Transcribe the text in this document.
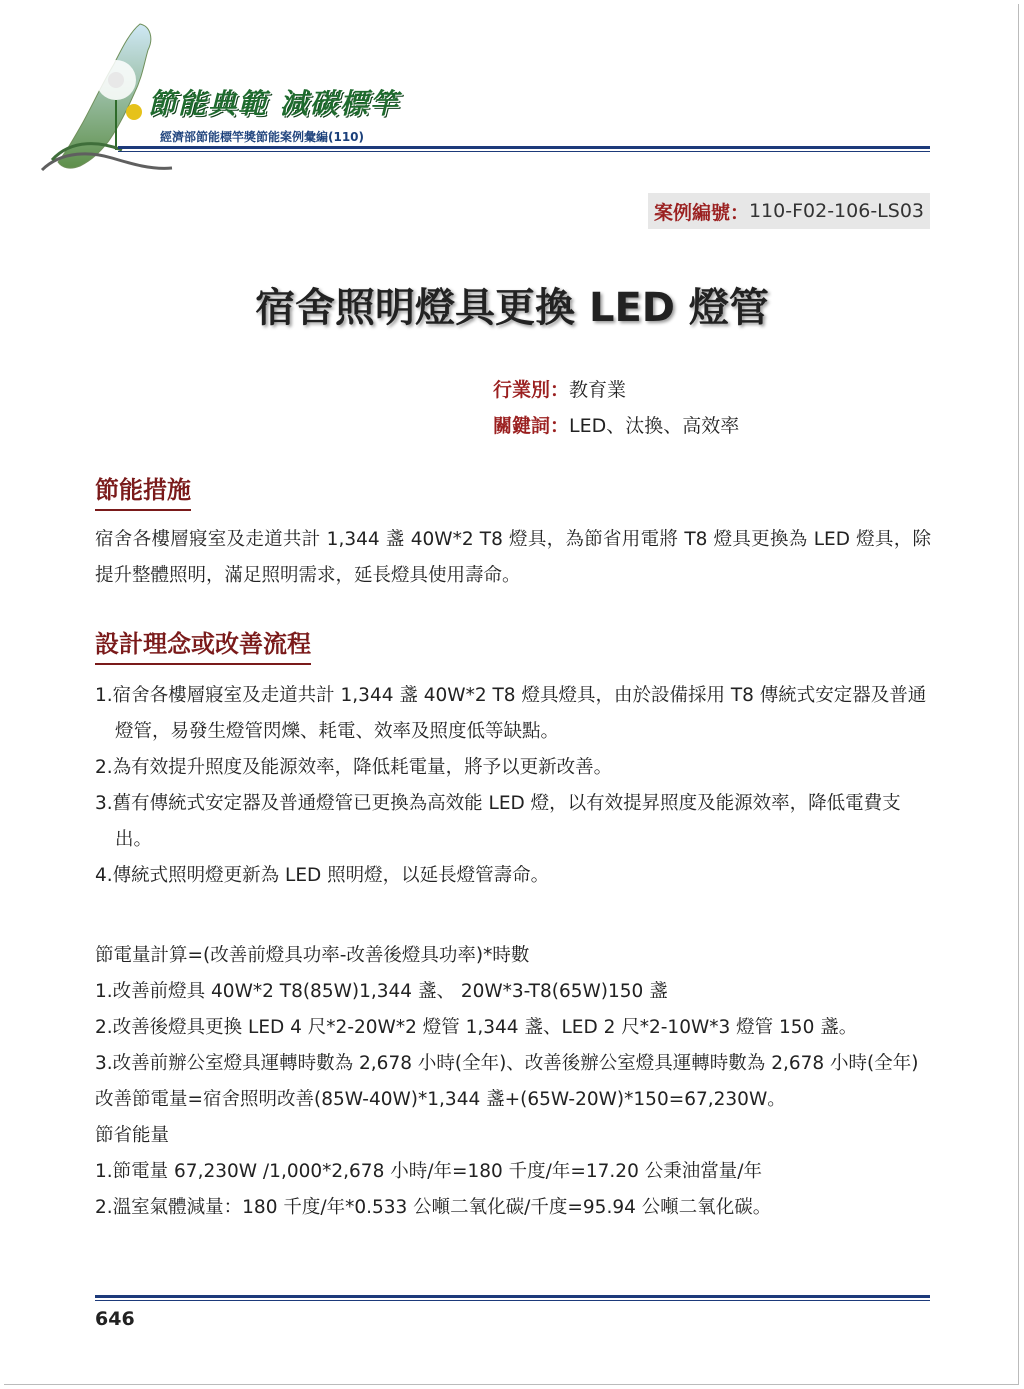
節能典範 減碳標竿
經濟部節能標竿獎節能案例彙編(110)
案例編號： 110-F02-106-LS03
宿舍照明燈具更換 LED 燈管
行業別：教育業
關鍵詞：LED、汰換、高效率
節能措施

宿舍各樓層寢室及走道共計 1,344 盞 40W*2 T8 燈具，為節省用電將 T8 燈具更換為 LED 燈具，除提升整體照明，滿足照明需求，延長燈具使用壽命。

設計理念或改善流程
1.宿舍各樓層寢室及走道共計 1,344 盞 40W*2 T8 燈具燈具，由於設備採用 T8 傳統式安定器及普通燈管，易發生燈管閃爍、耗電、效率及照度低等缺點。
2.為有效提升照度及能源效率，降低耗電量，將予以更新改善。
3.舊有傳統式安定器及普通燈管已更換為高效能 LED 燈，以有效提昇照度及能源效率，降低電費支出。
4.傳統式照明燈更新為 LED 照明燈，以延長燈管壽命。

節電量計算=(改善前燈具功率-改善後燈具功率)*時數

1.改善前燈具 40W*2 T8(85W)1,344 盞、 20W*3-T8(65W)150 盞

2.改善後燈具更換 LED 4 尺*2-20W*2 燈管 1,344 盞、LED 2 尺*2-10W*3 燈管 150 盞。

3.改善前辦公室燈具運轉時數為 2,678 小時(全年)、改善後辦公室燈具運轉時數為 2,678 小時(全年)

改善節電量=宿舍照明改善(85W-40W)*1,344 盞+(65W-20W)*150=67,230W。

節省能量

1.節電量 67,230W /1,000*2,678 小時/年=180 千度/年=17.20 公秉油當量/年

2.溫室氣體減量：180 千度/年*0.533 公噸二氧化碳/千度=95.94 公噸二氧化碳。

646
